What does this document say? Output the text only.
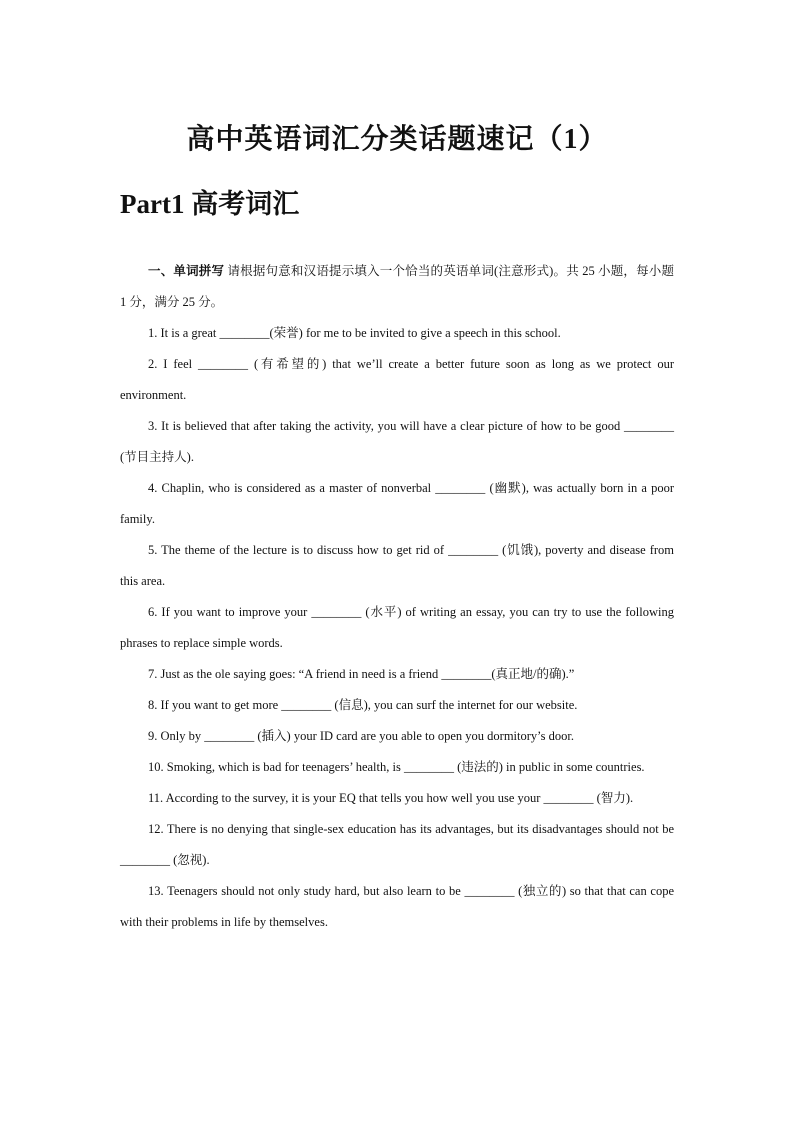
高中英语词汇分类话题速记（1）
Part1 高考词汇

一、单词拼写 请根据句意和汉语提示填入一个恰当的英语单词(注意形式)。共 25 小题，每小题 1 分，满分 25 分。

1. It is a great ________(荣誉) for me to be invited to give a speech in this school.

2. I feel ________ (有希望的) that we’ll create a better future soon as long as we protect our environment.

3. It is believed that after taking the activity, you will have a clear picture of how to be good ________ (节目主持人).

4. Chaplin, who is considered as a master of nonverbal ________ (幽默), was actually born in a poor family.

5. The theme of the lecture is to discuss how to get rid of ________ (饥饿), poverty and disease from this area.

6. If you want to improve your ________ (水平) of writing an essay, you can try to use the following phrases to replace simple words.

7. Just as the ole saying goes: “A friend in need is a friend ________(真正地/的确).”

8. If you want to get more ________ (信息), you can surf the internet for our website.

9. Only by ________ (插入) your ID card are you able to open you dormitory’s door.

10. Smoking, which is bad for teenagers’ health, is ________ (违法的) in public in some countries.

11. According to the survey, it is your EQ that tells you how well you use your ________ (智力).

12. There is no denying that single-sex education has its advantages, but its disadvantages should not be ________ (忽视).

13. Teenagers should not only study hard, but also learn to be ________ (独立的) so that that can cope with their problems in life by themselves.
